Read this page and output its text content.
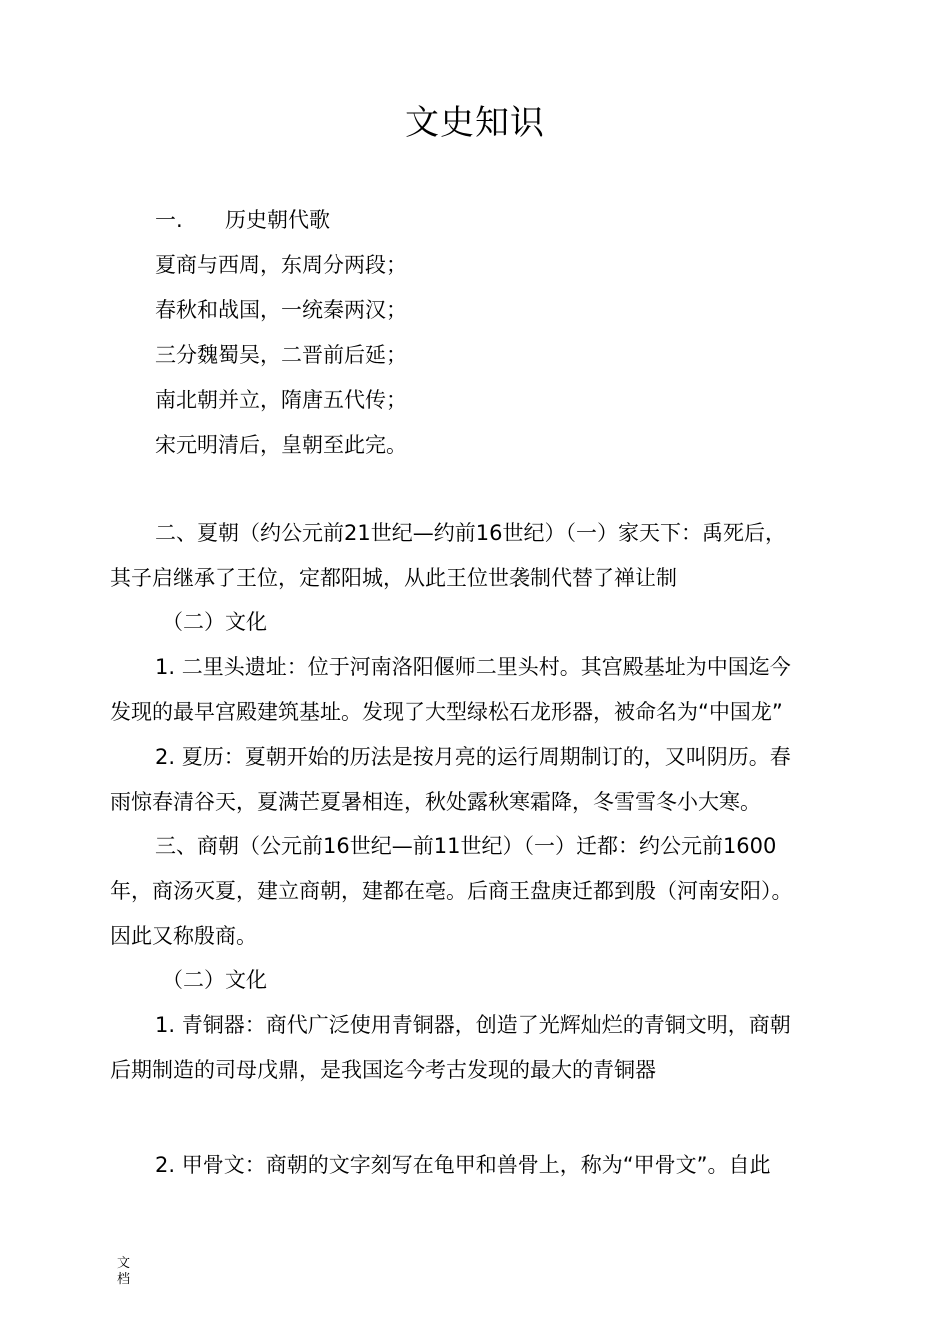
文史知识
一. 历史朝代歌
夏商与西周，东周分两段；
春秋和战国，一统秦两汉；
三分魏蜀吴，二晋前后延；
南北朝并立，隋唐五代传；
宋元明清后，皇朝至此完。
二、夏朝（约公元前21世纪—约前16世纪）（一）家天下：禹死后，
其子启继承了王位，定都阳城，从此王位世袭制代替了禅让制
（二）文化
1. 二里头遗址：位于河南洛阳偃师二里头村。其宫殿基址为中国迄今
发现的最早宫殿建筑基址。发现了大型绿松石龙形器，被命名为“中国龙”
2. 夏历：夏朝开始的历法是按月亮的运行周期制订的，又叫阴历。春
雨惊春清谷天，夏满芒夏暑相连，秋处露秋寒霜降，冬雪雪冬小大寒。
三、商朝（公元前16世纪—前11世纪）（一）迁都：约公元前1600
年，商汤灭夏，建立商朝，建都在亳。后商王盘庚迁都到殷（河南安阳）。
因此又称殷商。
（二）文化
1. 青铜器：商代广泛使用青铜器，创造了光辉灿烂的青铜文明，商朝
后期制造的司母戊鼎，是我国迄今考古发现的最大的青铜器
2. 甲骨文：商朝的文字刻写在龟甲和兽骨上，称为“甲骨文”。自此
文档
